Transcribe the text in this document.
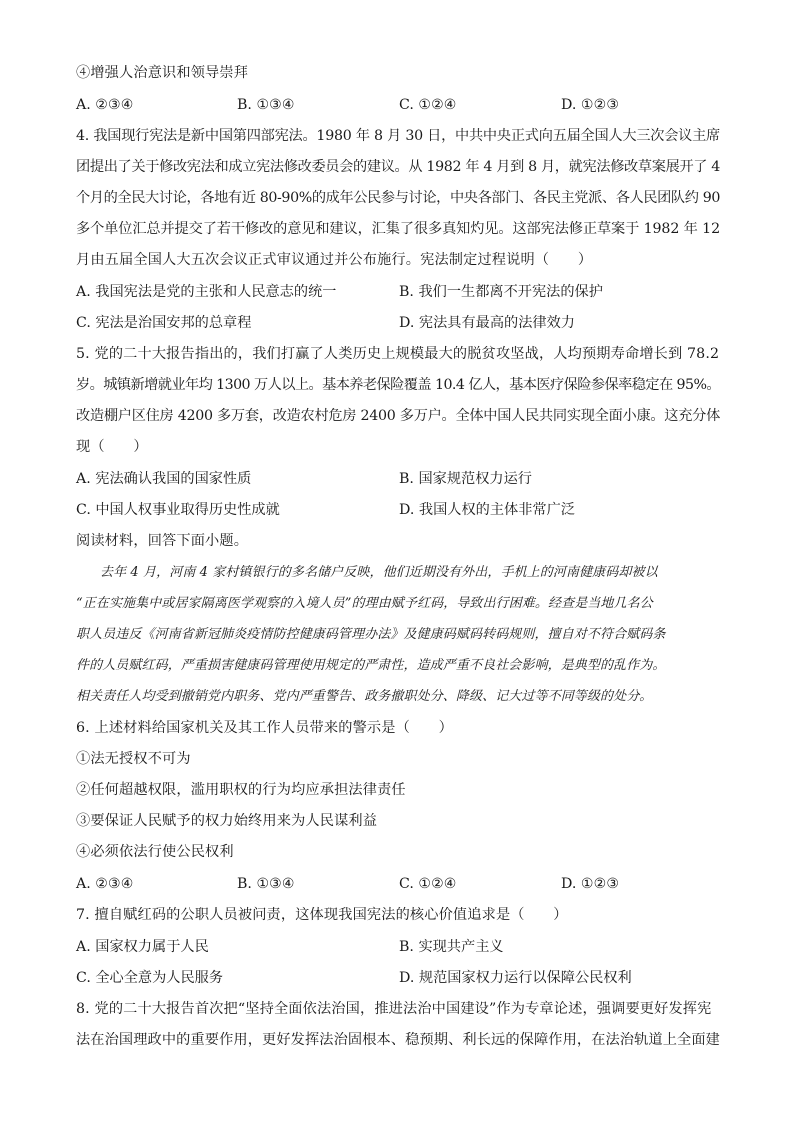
④增强人治意识和领导崇拜
A. ②③④	B. ①③④	C. ①②④	D. ①②③
4. 我国现行宪法是新中国第四部宪法。1980 年 8 月 30 日，中共中央正式向五届全国人大三次会议主席
团提出了关于修改宪法和成立宪法修改委员会的建议。从 1982 年 4 月到 8 月，就宪法修改草案展开了 4
个月的全民大讨论，各地有近 80-90%的成年公民参与讨论，中央各部门、各民主党派、各人民团队约 90
多个单位汇总并提交了若干修改的意见和建议，汇集了很多真知灼见。这部宪法修正草案于 1982 年 12
月由五届全国人大五次会议正式审议通过并公布施行。宪法制定过程说明（　　）
A. 我国宪法是党的主张和人民意志的统一	B. 我们一生都离不开宪法的保护
C. 宪法是治国安邦的总章程	D. 宪法具有最高的法律效力
5. 党的二十大报告指出的，我们打赢了人类历史上规模最大的脱贫攻坚战，人均预期寿命增长到 78.2
岁。城镇新增就业年均 1300 万人以上。基本养老保险覆盖 10.4 亿人，基本医疗保险参保率稳定在 95%。
改造棚户区住房 4200 多万套，改造农村危房 2400 多万户。全体中国人民共同实现全面小康。这充分体
现（　　）
A. 宪法确认我国的国家性质	B. 国家规范权力运行
C. 中国人权事业取得历史性成就	D. 我国人权的主体非常广泛
阅读材料，回答下面小题。
去年 4 月，河南 4 家村镇银行的多名储户反映，他们近期没有外出，手机上的河南健康码却被以
“正在实施集中或居家隔离医学观察的入境人员”的理由赋予红码，导致出行困难。经查是当地几名公
职人员违反《河南省新冠肺炎疫情防控健康码管理办法》及健康码赋码转码规则，擅自对不符合赋码条
件的人员赋红码，严重损害健康码管理使用规定的严肃性，造成严重不良社会影响，是典型的乱作为。
相关责任人均受到撤销党内职务、党内严重警告、政务撤职处分、降级、记大过等不同等级的处分。
6. 上述材料给国家机关及其工作人员带来的警示是（　　）
①法无授权不可为
②任何超越权限，滥用职权的行为均应承担法律责任
③要保证人民赋予的权力始终用来为人民谋利益
④必须依法行使公民权利
A. ②③④	B. ①③④	C. ①②④	D. ①②③
7. 擅自赋红码的公职人员被问责，这体现我国宪法的核心价值追求是（　　）
A. 国家权力属于人民	B. 实现共产主义
C. 全心全意为人民服务	D. 规范国家权力运行以保障公民权利
8. 党的二十大报告首次把“坚持全面依法治国，推进法治中国建设”作为专章论述，强调要更好发挥宪
法在治国理政中的重要作用，更好发挥法治固根本、稳预期、利长远的保障作用，在法治轨道上全面建
